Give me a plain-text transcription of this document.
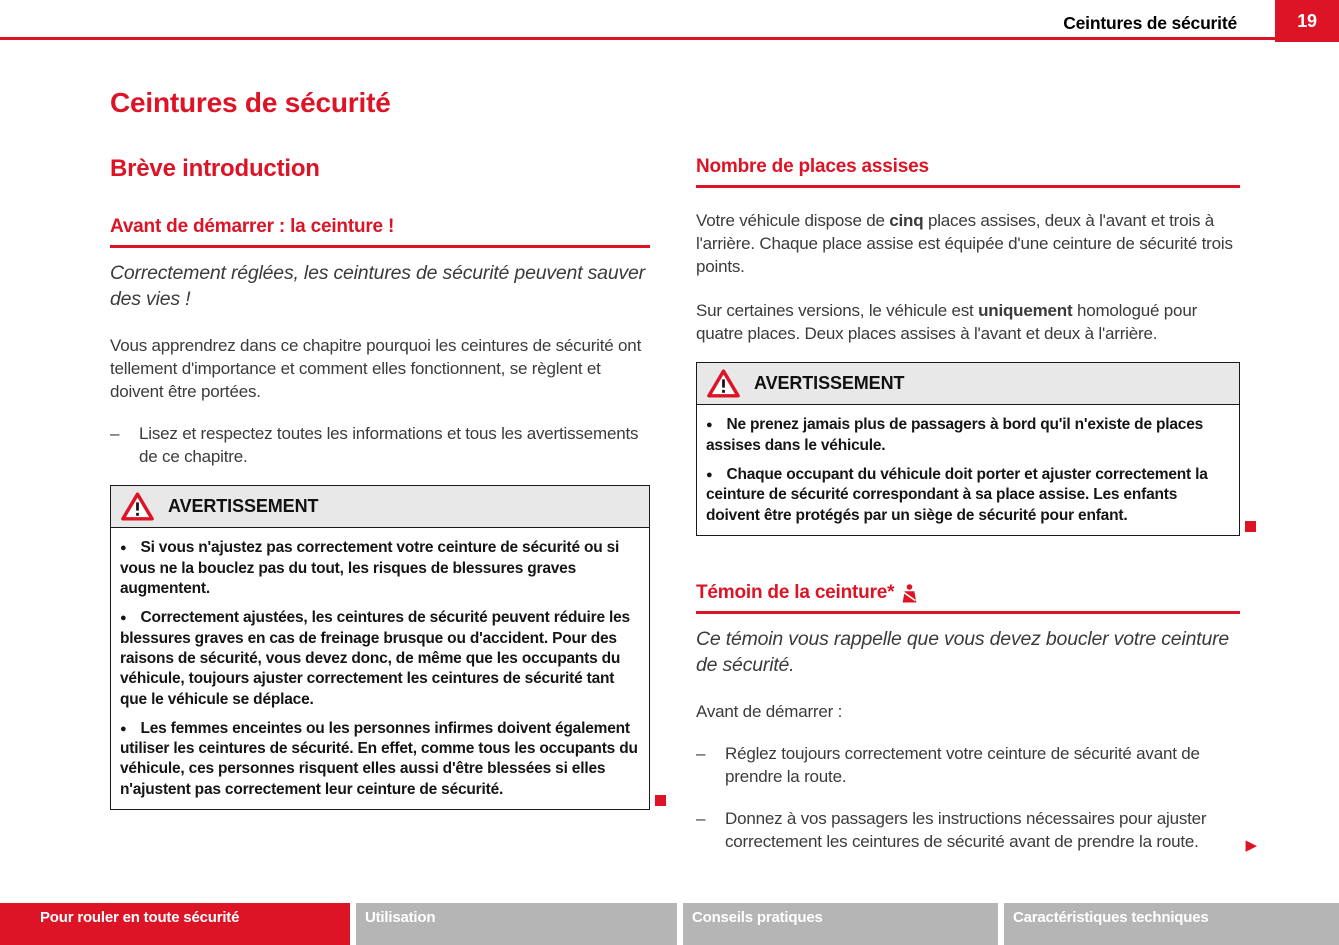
Ceintures de sécurité	19
Ceintures de sécurité
Brève introduction
Avant de démarrer : la ceinture !

Correctement réglées, les ceintures de sécurité peuvent sauver des vies !

Vous apprendrez dans ce chapitre pourquoi les ceintures de sécurité ont tellement d'importance et comment elles fonctionnent, se règlent et doivent être portées.

–	Lisez et respectez toutes les informations et tous les avertissements de ce chapitre.
AVERTISSEMENT

● Si vous n'ajustez pas correctement votre ceinture de sécurité ou si vous ne la bouclez pas du tout, les risques de blessures graves augmentent.

● Correctement ajustées, les ceintures de sécurité peuvent réduire les blessures graves en cas de freinage brusque ou d'accident. Pour des raisons de sécurité, vous devez donc, de même que les occupants du véhicule, toujours ajuster correctement les ceintures de sécurité tant que le véhicule se déplace.

● Les femmes enceintes ou les personnes infirmes doivent également utiliser les ceintures de sécurité. En effet, comme tous les occupants du véhicule, ces personnes risquent elles aussi d'être blessées si elles n'ajustent pas correctement leur ceinture de sécurité.

Nombre de places assises

Votre véhicule dispose de cinq places assises, deux à l'avant et trois à l'arrière. Chaque place assise est équipée d'une ceinture de sécurité trois points.

Sur certaines versions, le véhicule est uniquement homologué pour quatre places. Deux places assises à l'avant et deux à l'arrière.

AVERTISSEMENT

● Ne prenez jamais plus de passagers à bord qu'il n'existe de places assises dans le véhicule.

● Chaque occupant du véhicule doit porter et ajuster correctement la ceinture de sécurité correspondant à sa place assise. Les enfants doivent être protégés par un siège de sécurité pour enfant.

Témoin de la ceinture*

Ce témoin vous rappelle que vous devez boucler votre ceinture de sécurité.

Avant de démarrer :

–	Réglez toujours correctement votre ceinture de sécurité avant de prendre la route.
–	Donnez à vos passagers les instructions nécessaires pour ajuster correctement les ceintures de sécurité avant de prendre la route.	▶
Pour rouler en toute sécurité	Utilisation	Conseils pratiques	Caractéristiques techniques
